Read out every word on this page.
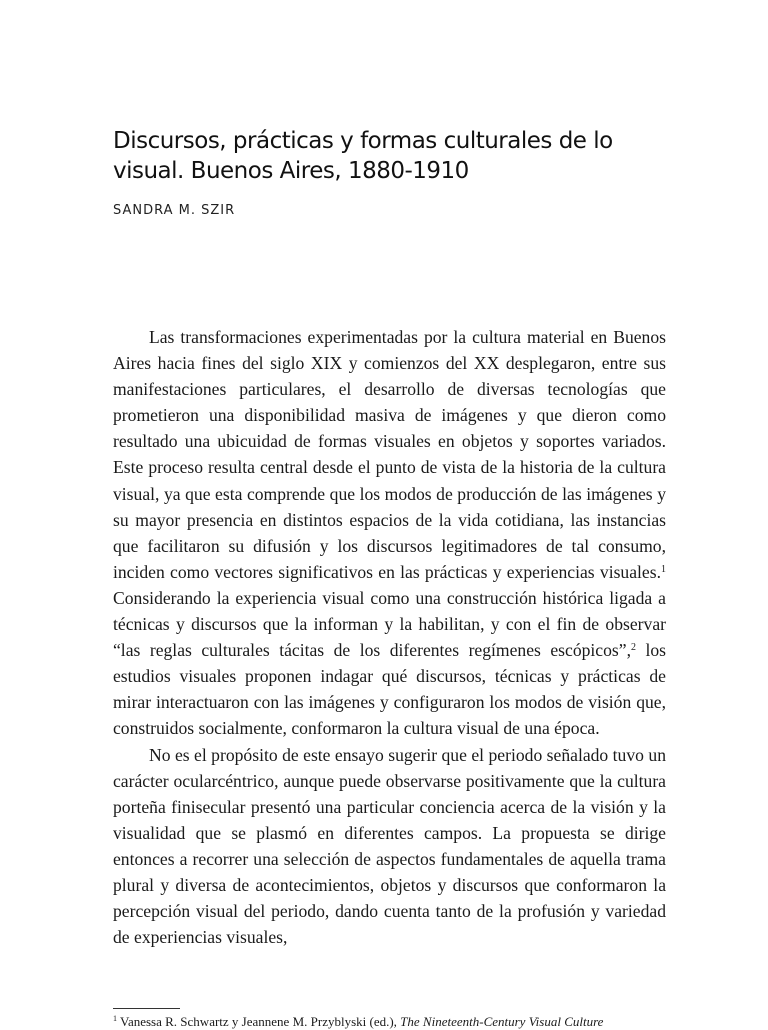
Discursos, prácticas y formas culturales de lo visual. Buenos Aires, 1880-1910
SANDRA M. SZIR

Las transformaciones experimentadas por la cultura material en Buenos Aires hacia fines del siglo XIX y comienzos del XX desplegaron, entre sus manifestaciones particulares, el desarrollo de diversas tecnologías que prometieron una disponibilidad masiva de imágenes y que dieron como resultado una ubicuidad de formas visuales en objetos y soportes variados. Este proceso resulta central desde el punto de vista de la historia de la cultura visual, ya que esta comprende que los modos de producción de las imágenes y su mayor presencia en distintos espacios de la vida cotidiana, las instancias que facilitaron su difusión y los discursos legitimadores de tal consumo, inciden como vectores significativos en las prácticas y experiencias visuales.$^1$ Considerando la experiencia visual como una construcción histórica ligada a técnicas y discursos que la informan y la habilitan, y con el fin de observar “las reglas culturales tácitas de los diferentes regímenes escópicos”,$^2$ los estudios visuales proponen indagar qué discursos, técnicas y prácticas de mirar interactuaron con las imágenes y configuraron los modos de visión que, construidos socialmente, conformaron la cultura visual de una época.

No es el propósito de este ensayo sugerir que el periodo señalado tuvo un carácter ocularcéntrico, aunque puede observarse positivamente que la cultura porteña finisecular presentó una particular conciencia acerca de la visión y la visualidad que se plasmó en diferentes campos. La propuesta se dirige entonces a recorrer una selección de aspectos fundamentales de aquella trama plural y diversa de acontecimientos, objetos y discursos que conformaron la percepción visual del periodo, dando cuenta tanto de la profusión y variedad de experiencias visuales,

$^1$ Vanessa R. Schwartz y Jeannene M. Przyblyski (ed.), The Nineteenth-Century Visual Culture
